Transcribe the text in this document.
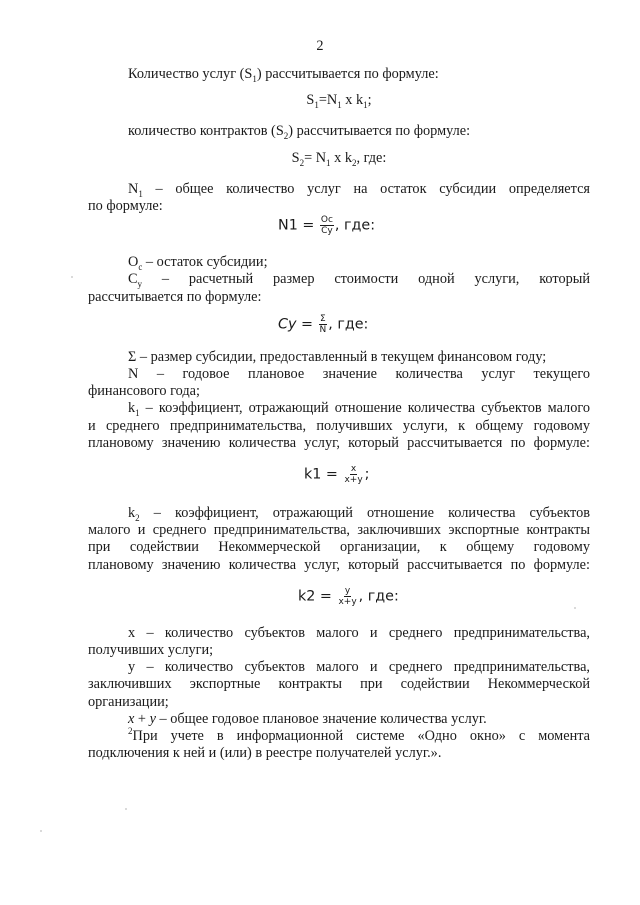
2

Количество услуг $(S_1)$ рассчитывается по формуле:

$S_1=N_1$ x $k_1$;

количество контрактов $(S_2)$ рассчитывается по формуле:

$S_2= N_1$ x $k_2$, где:

$N_1$ – общее количество услуг на остаток субсидии определяется

по формуле:

$N1 = \frac{Oc}{Cy}$ , где:

$O_с$ – остаток субсидии;

$C_у$ – расчетный размер стоимости одной услуги, который

рассчитывается по формуле:

$Cy = \frac{\Sigma}{N}$ , где:

Σ – размер субсидии, предоставленный в текущем финансовом году;

N – годовое плановое значение количества услуг текущего

финансового года;

$k_1$ – коэффициент, отражающий отношение количества субъектов малого

и среднего предпринимательства, получивших услуги, к общему годовому

плановому значению количества услуг, который рассчитывается по формуле:

$k1 = \frac{x}{x+y}$ ;

$k_2$ – коэффициент, отражающий отношение количества субъектов

малого и среднего предпринимательства, заключивших экспортные контракты

при содействии Некоммерческой организации, к общему годовому

плановому значению количества услуг, который рассчитывается по формуле:

$k2 = \frac{y}{x+y}$ , где:

x – количество субъектов малого и среднего предпринимательства,

получивших услуги;

y – количество субъектов малого и среднего предпринимательства,

заключивших экспортные контракты при содействии Некоммерческой

организации;

x + y – общее годовое плановое значение количества услуг.

$^2$При учете в информационной системе «Одно окно» с момента

подключения к ней и (или) в реестре получателей услуг.».
